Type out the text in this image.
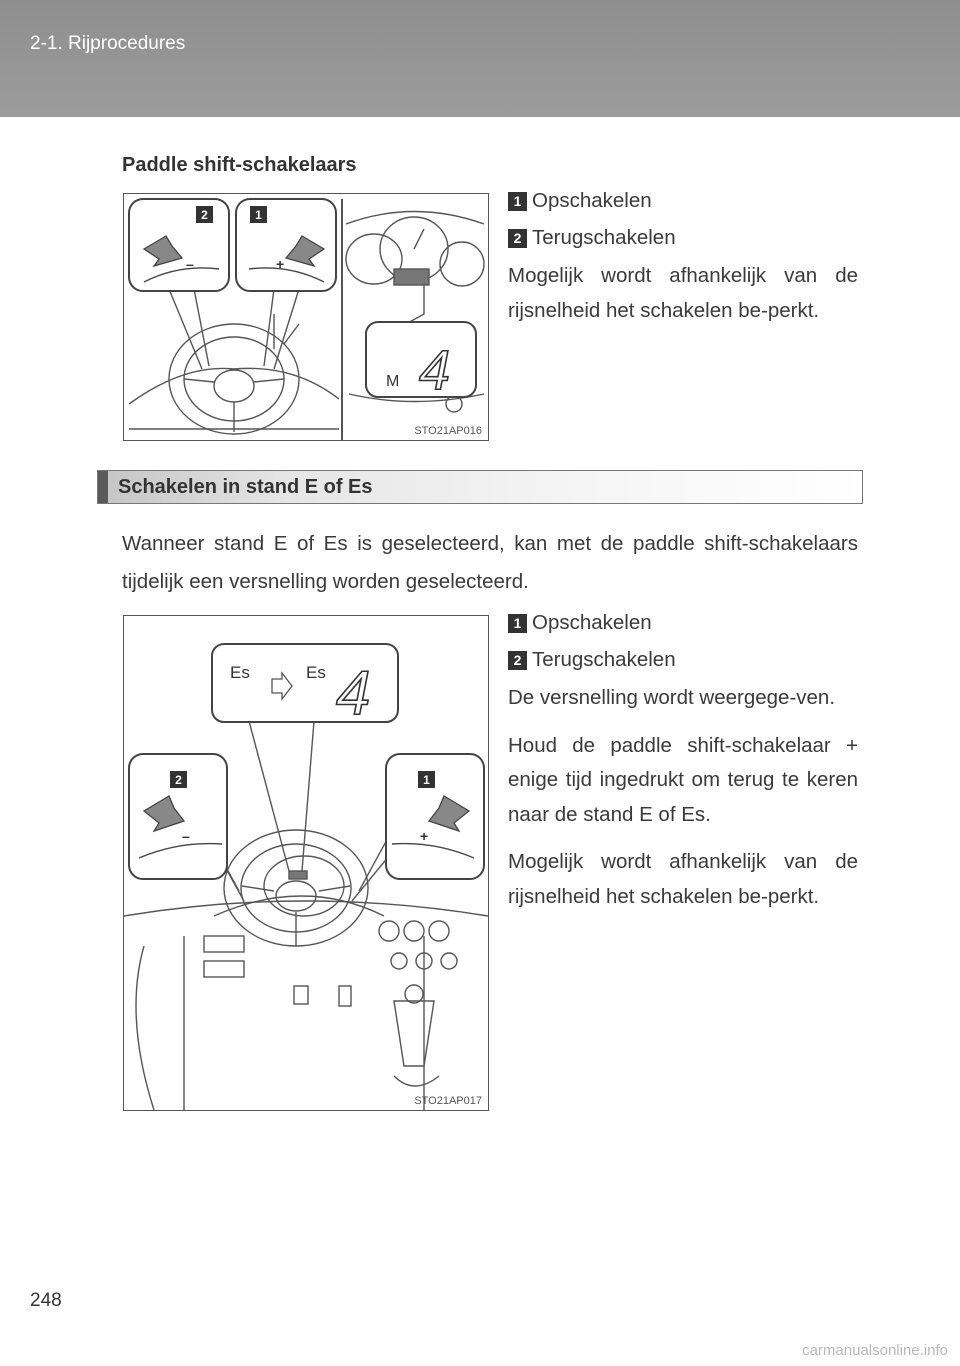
2-1. Rijprocedures
Paddle shift-schakelaars
2
–
1
+
M 4
STO21AP016
1 Opschakelen
2 Terugschakelen

Mogelijk wordt afhankelijk van de rijsnelheid het schakelen be-perkt.

Schakelen in stand E of Es
Wanneer stand E of Es is geselecteerd, kan met de paddle shift-schakelaars tijdelijk een versnelling worden geselecteerd.
Es	Es 4
2
–
1
+
STO21AP017
1 Opschakelen
2 Terugschakelen

De versnelling wordt weergege-ven.

Houd de paddle shift-schakelaar + enige tijd ingedrukt om terug te keren naar de stand E of Es.

Mogelijk wordt afhankelijk van de rijsnelheid het schakelen be-perkt.

248
carmanualsonline.info
